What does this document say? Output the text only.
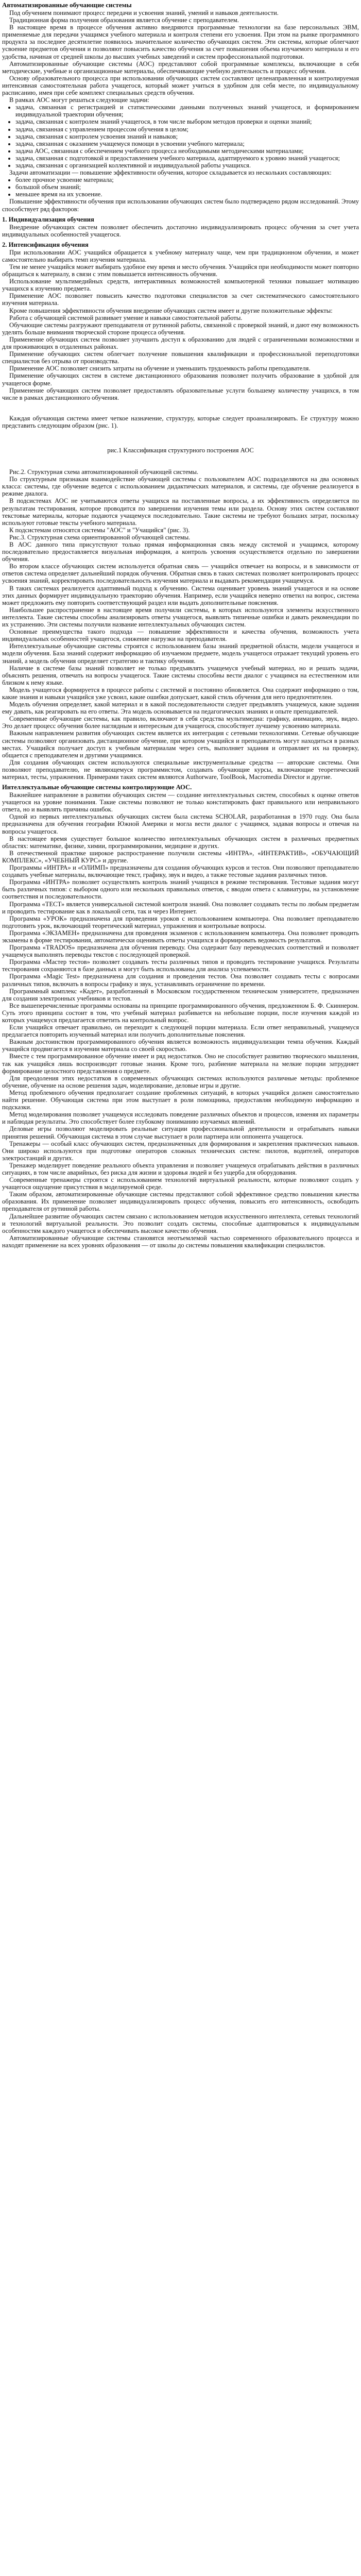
Автоматизированные обучающие системы

Под обучением понимают процесс передачи и усвоения знаний, умений и навыков деятельности.

Традиционная форма получения образования является обучение с преподавателем.

В настоящее время в процессе обучения активно внедряются программные технологии на базе персональных ЭВМ, применяемые для передачи учащимся учебного материала и контроля степени его усвоения. При этом на рынке программного продукта за последнее десятилетие появилось значительное количество обучающих систем. Эти системы, которые облегчают усвоение предметов обучения и позволяют повысить качество обучения за счет повышения объема изучаемого материала и его удобства, начиная от средней школы до высших учебных заведений и систем профессиональной подготовки.

Автоматизированные обучающие системы (АОС) представляют собой программные комплексы, включающие в себя методические, учебные и организационные материалы, обеспечивающие учебную деятельность и процесс обучения.

Основу образовательного процесса при использовании обучающих систем составляют целенаправленная и контролируемая интенсивная самостоятельная работа учащегося, который может учиться в удобном для себя месте, по индивидуальному расписанию, имея при себе комплект специальных средств обучения.

В рамках АОС могут решаться следующие задачи:

• задача, связанная с регистрацией и статистическими данными полученных знаний учащегося, и формированием индивидуальной траектории обучения;
• задача, связанная с контролем знаний учащегося, в том числе выбором методов проверки и оценки знаний;
• задача, связанная с управлением процессом обучения в целом;
• задача, связанная с контролем усвоения знаний и навыков;
• задача, связанная с оказанием учащемуся помощи в усвоении учебного материала;
• задача АОС, связанная с обеспечением учебного процесса необходимыми методическими материалами;
• задача, связанная с подготовкой и предоставлением учебного материала, адаптируемого к уровню знаний учащегося;
• задача, связанная с организацией коллективной и индивидуальной работы учащихся.

Задачи автоматизации — повышение эффективности обучения, которое складывается из нескольких составляющих:

• более прочное усвоение материала;
• большой объем знаний;
• меньшее время на их усвоение.

Повышение эффективности обучения при использовании обучающих систем было подтверждено рядом исследований. Этому способствует ряд факторов:

1. Индивидуализация обучения

Внедрение обучающих систем позволяет обеспечить достаточно индивидуализировать процесс обучения за счет учета индивидуальных особенностей учащегося.

2. Интенсификация обучения

При использовании АОС учащийся обращается к учебному материалу чаще, чем при традиционном обучении, и может самостоятельно выбирать темп изучения материала.

Тем не менее учащийся может выбирать удобное ему время и место обучения. Учащийся при необходимости может повторно обращаться к материалу, в связи с этим повышается интенсивность обучения.

Использование мультимедийных средств, интерактивных возможностей компьютерной техники повышает мотивацию учащихся к изучению предмета.

Применение АОС позволяет повысить качество подготовки специалистов за счет систематического самостоятельного изучения материала.

Кроме повышения эффективности обучения внедрение обучающих систем имеет и другие положительные эффекты:

Работа с обучающей системой развивает умение и навыки самостоятельной работы.

Обучающие системы разгружают преподавателя от рутинной работы, связанной с проверкой знаний, и дают ему возможность уделять больше внимания творческой стороне процесса обучения.

Применение обучающих систем позволяет улучшить доступ к образованию для людей с ограниченными возможностями и для проживающих в отдаленных районах.

Применение обучающих систем облегчает получение повышения квалификации и профессиональной переподготовки специалистов без отрыва от производства.

Применение АОС позволяет снизить затраты на обучение и уменьшить трудоемкость работы преподавателя.

Применение обучающих систем в системе дистанционного образования позволяет получить образование в удобной для учащегося форме.

Применение обучающих систем позволяет предоставлять образовательные услуги большему количеству учащихся, в том числе в рамках дистанционного обучения.

Каждая обучающая система имеет четкое назначение, структуру, которые следует проанализировать. Ее структуру можно представить следующим образом (рис. 1).

рис.1 Классификация структурного построения АОС

Рис.2. Структурная схема автоматизированной обучающей системы.

По структурным признакам взаимодействие обучающей системы с пользователем АОС подразделяются на два основных класса: системы, где обучение ведется с использованием дидактических материалов, и системы, где обучение реализуется в режиме диалога.

В подсистемах АОС не учитываются ответы учащихся на поставленные вопросы, а их эффективность определяется по результатам тестирования, которое проводится по завершении изучения темы или раздела. Основу этих систем составляют текстовые материалы, которые подаются учащемуся последовательно. Такие системы не требуют больших затрат, поскольку используют готовые тексты учебного материала.

К подсистемам относятся системы "АОС" и "Учащийся" (рис. 3).

Рис.3. Структурная схема ориентированной обучающей системы.

В АОС данного типа присутствуют только прямая информационная связь между системой и учащимся, которому последовательно предоставляется визуальная информация, а контроль усвоения осуществляется отдельно по завершении обучения.

Во втором классе обучающих систем используется обратная связь — учащийся отвечает на вопросы, и в зависимости от ответов система определяет дальнейший порядок обучения. Обратная связь в таких системах позволяет контролировать процесс усвоения знаний, корректировать последовательность изучения материала и выдавать рекомендации учащемуся.

В таких системах реализуется адаптивный подход к обучению. Система оценивает уровень знаний учащегося и на основе этих данных формирует индивидуальную траекторию обучения. Например, если учащийся неверно ответил на вопрос, система может предложить ему повторить соответствующий раздел или выдать дополнительные пояснения.

Наибольшее распространение в настоящее время получили системы, в которых используются элементы искусственного интеллекта. Такие системы способны анализировать ответы учащегося, выявлять типичные ошибки и давать рекомендации по их устранению. Эти системы получили название интеллектуальных обучающих систем.

Основные преимущества такого подхода — повышение эффективности и качества обучения, возможность учета индивидуальных особенностей учащегося, снижение нагрузки на преподавателя.

Интеллектуальные обучающие системы строятся с использованием базы знаний предметной области, модели учащегося и модели обучения. База знаний содержит информацию об изучаемом предмете, модель учащегося отражает текущий уровень его знаний, а модель обучения определяет стратегию и тактику обучения.

Наличие в системе базы знаний позволяет не только предъявлять учащемуся учебный материал, но и решать задачи, объяснять решения, отвечать на вопросы учащегося. Такие системы способны вести диалог с учащимся на естественном или близком к нему языке.

Модель учащегося формируется в процессе работы с системой и постоянно обновляется. Она содержит информацию о том, какие знания и навыки учащийся уже усвоил, какие ошибки допускает, какой стиль обучения для него предпочтителен.

Модель обучения определяет, какой материал и в какой последовательности следует предъявлять учащемуся, какие задания ему давать, как реагировать на его ответы. Эта модель основывается на педагогических знаниях и опыте преподавателей.

Современные обучающие системы, как правило, включают в себя средства мультимедиа: графику, анимацию, звук, видео. Это делает процесс обучения более наглядным и интересным для учащегося, способствует лучшему усвоению материала.

Важным направлением развития обучающих систем является их интеграция с сетевыми технологиями. Сетевые обучающие системы позволяют организовать дистанционное обучение, при котором учащийся и преподаватель могут находиться в разных местах. Учащийся получает доступ к учебным материалам через сеть, выполняет задания и отправляет их на проверку, общается с преподавателем и другими учащимися.

Для создания обучающих систем используются специальные инструментальные средства — авторские системы. Они позволяют преподавателю, не являющемуся программистом, создавать обучающие курсы, включающие теоретический материал, тесты, упражнения. Примерами таких систем являются Authorware, ToolBook, Macromedia Director и другие.

Интеллектуальные обучающие системы контролирующие АОС.

Важнейшее направление в развитии обучающих систем — создание интеллектуальных систем, способных к оценке ответов учащегося на уровне понимания. Такие системы позволяют не только констатировать факт правильного или неправильного ответа, но и выявлять причины ошибок.

Одной из первых интеллектуальных обучающих систем была система SCHOLAR, разработанная в 1970 году. Она была предназначена для обучения географии Южной Америки и могла вести диалог с учащимся, задавая вопросы и отвечая на вопросы учащегося.

В настоящее время существует большое количество интеллектуальных обучающих систем в различных предметных областях: математике, физике, химии, программировании, медицине и других.

В отечественной практике широкое распространение получили системы «ИНТРА», «ИНТЕРАКТИВ», «ОБУЧАЮЩИЙ КОМПЛЕКС», «УЧЕБНЫЙ КУРС» и другие.

Программы «ИНТРА» и «ОЛИМП» предназначены для создания обучающих курсов и тестов. Они позволяют преподавателю создавать учебные материалы, включающие текст, графику, звук и видео, а также тестовые задания различных типов.

Программа «ИНТРА» позволяет осуществлять контроль знаний учащихся в режиме тестирования. Тестовые задания могут быть различных типов: с выбором одного или нескольких правильных ответов, с вводом ответа с клавиатуры, на установление соответствия и последовательности.

Программа «ТЕСТ» является универсальной системой контроля знаний. Она позволяет создавать тесты по любым предметам и проводить тестирование как в локальной сети, так и через Интернет.

Программа «УРОК» предназначена для проведения уроков с использованием компьютера. Она позволяет преподавателю подготовить урок, включающий теоретический материал, упражнения и контрольные вопросы.

Программа «ЭКЗАМЕН» предназначена для проведения экзаменов с использованием компьютера. Она позволяет проводить экзамены в форме тестирования, автоматически оценивать ответы учащихся и формировать ведомость результатов.

Программа «TRADOS» предназначена для обучения переводу. Она содержит базу переводческих соответствий и позволяет учащемуся выполнять переводы текстов с последующей проверкой.

Программа «Мастер тестов» позволяет создавать тесты различных типов и проводить тестирование учащихся. Результаты тестирования сохраняются в базе данных и могут быть использованы для анализа успеваемости.

Программа «Magic Test» предназначена для создания и проведения тестов. Она позволяет создавать тесты с вопросами различных типов, включать в вопросы графику и звук, устанавливать ограничение по времени.

Программный комплекс «Кадет», разработанный в Московском государственном техническом университете, предназначен для создания электронных учебников и тестов.

Все вышеперечисленные программы основаны на принципе программированного обучения, предложенном Б. Ф. Скиннером. Суть этого принципа состоит в том, что учебный материал разбивается на небольшие порции, после изучения каждой из которых учащемуся предлагается ответить на контрольный вопрос.

Если учащийся отвечает правильно, он переходит к следующей порции материала. Если ответ неправильный, учащемуся предлагается повторить изученный материал или получить дополнительные пояснения.

Важным достоинством программированного обучения является возможность индивидуализации темпа обучения. Каждый учащийся продвигается в изучении материала со своей скоростью.

Вместе с тем программированное обучение имеет и ряд недостатков. Оно не способствует развитию творческого мышления, так как учащийся лишь воспроизводит готовые знания. Кроме того, разбиение материала на мелкие порции затрудняет формирование целостного представления о предмете.

Для преодоления этих недостатков в современных обучающих системах используются различные методы: проблемное обучение, обучение на основе решения задач, моделирование, деловые игры и другие.

Метод проблемного обучения предполагает создание проблемных ситуаций, в которых учащийся должен самостоятельно найти решение. Обучающая система при этом выступает в роли помощника, предоставляя необходимую информацию и подсказки.

Метод моделирования позволяет учащемуся исследовать поведение различных объектов и процессов, изменяя их параметры и наблюдая результаты. Это способствует более глубокому пониманию изучаемых явлений.

Деловые игры позволяют моделировать реальные ситуации профессиональной деятельности и отрабатывать навыки принятия решений. Обучающая система в этом случае выступает в роли партнера или оппонента учащегося.

Тренажеры — особый класс обучающих систем, предназначенных для формирования и закрепления практических навыков. Они широко используются при подготовке операторов сложных технических систем: пилотов, водителей, операторов электростанций и других.

Тренажер моделирует поведение реального объекта управления и позволяет учащемуся отрабатывать действия в различных ситуациях, в том числе аварийных, без риска для жизни и здоровья людей и без ущерба для оборудования.

Современные тренажеры строятся с использованием технологий виртуальной реальности, которые позволяют создать у учащегося ощущение присутствия в моделируемой среде.

Таким образом, автоматизированные обучающие системы представляют собой эффективное средство повышения качества образования. Их применение позволяет индивидуализировать процесс обучения, повысить его интенсивность, освободить преподавателя от рутинной работы.

Дальнейшее развитие обучающих систем связано с использованием методов искусственного интеллекта, сетевых технологий и технологий виртуальной реальности. Это позволит создать системы, способные адаптироваться к индивидуальным особенностям каждого учащегося и обеспечивать высокое качество обучения.

Автоматизированные обучающие системы становятся неотъемлемой частью современного образовательного процесса и находят применение на всех уровнях образования — от школы до системы повышения квалификации специалистов.
